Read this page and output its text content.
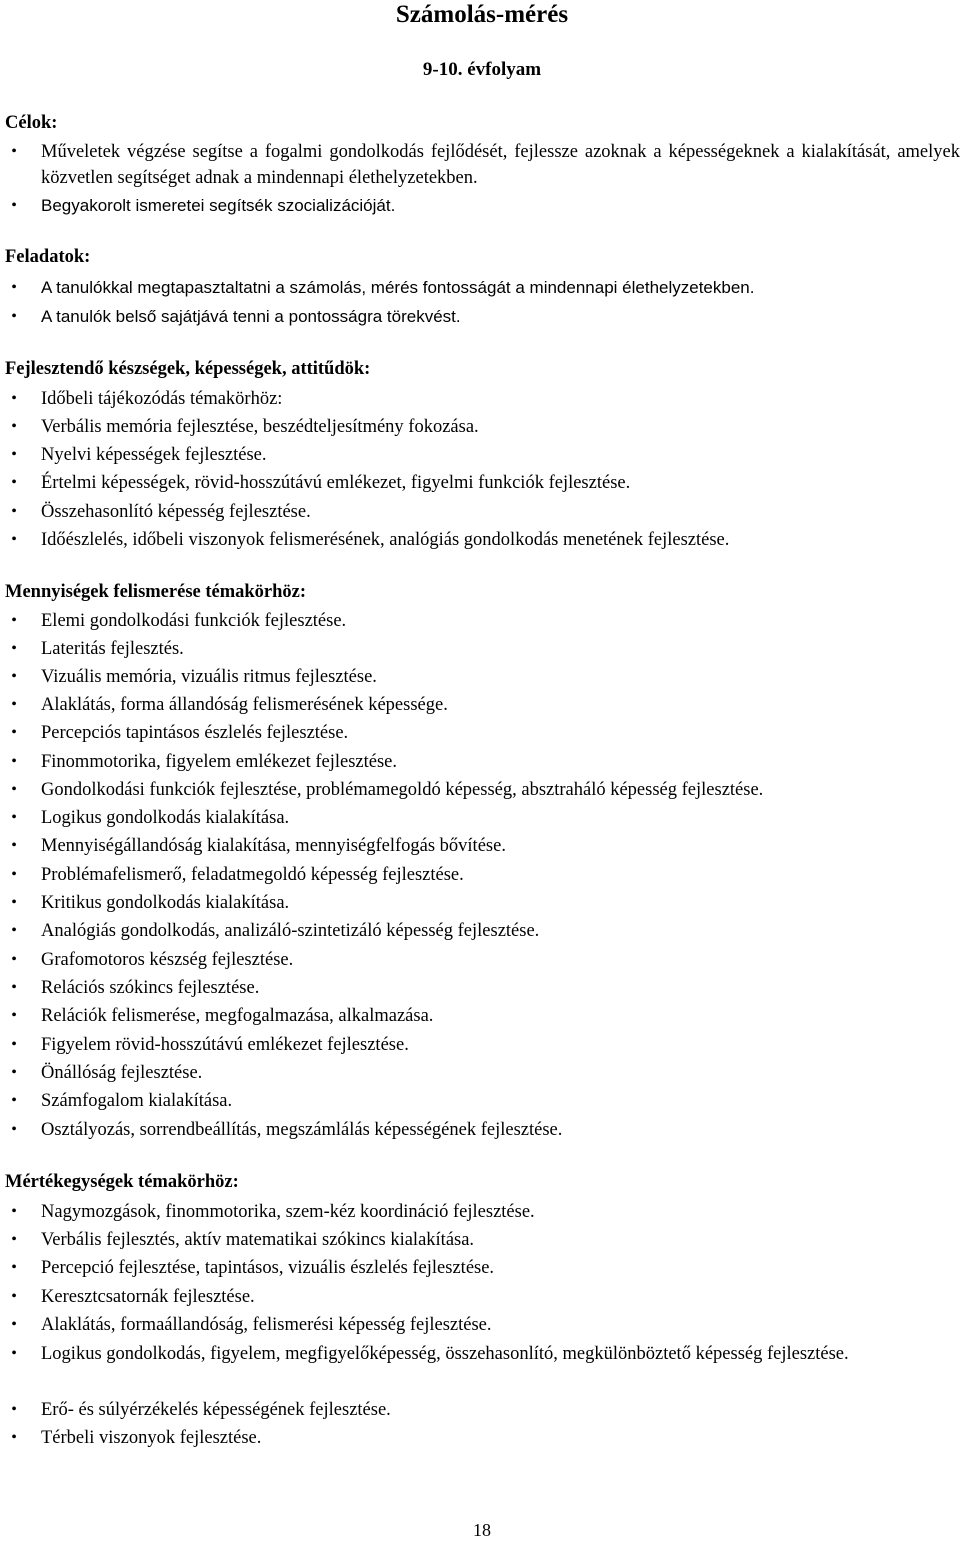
Számolás-mérés
9-10. évfolyam
Célok:
•	Műveletek végzése segítse a fogalmi gondolkodás fejlődését, fejlessze azoknak a képességeknek a kialakítását, amelyek közvetlen segítséget adnak a mindennapi élethelyzetekben.
•	Begyakorolt ismeretei segítsék szocializációját.
Feladatok:
•	A tanulókkal megtapasztaltatni a számolás, mérés fontosságát a mindennapi élethelyzetekben.
•	A tanulók belső sajátjává tenni a pontosságra törekvést.
Fejlesztendő készségek, képességek, attitűdök:
•	Időbeli tájékozódás témakörhöz:
•	Verbális memória fejlesztése, beszédteljesítmény fokozása.
•	Nyelvi képességek fejlesztése.
•	Értelmi képességek, rövid-hosszútávú emlékezet, figyelmi funkciók fejlesztése.
•	Összehasonlító képesség fejlesztése.
•	Időészlelés, időbeli viszonyok felismerésének, analógiás gondolkodás menetének fejlesztése.
Mennyiségek felismerése témakörhöz:
•	Elemi gondolkodási funkciók fejlesztése.
•	Lateritás fejlesztés.
•	Vizuális memória, vizuális ritmus fejlesztése.
•	Alaklátás, forma állandóság felismerésének képessége.
•	Percepciós tapintásos észlelés fejlesztése.
•	Finommotorika, figyelem emlékezet fejlesztése.
•	Gondolkodási funkciók fejlesztése, problémamegoldó képesség, absztraháló képesség fejlesztése.
•	Logikus gondolkodás kialakítása.
•	Mennyiségállandóság kialakítása, mennyiségfelfogás bővítése.
•	Problémafelismerő, feladatmegoldó képesség fejlesztése.
•	Kritikus gondolkodás kialakítása.
•	Analógiás gondolkodás, analizáló-szintetizáló képesség fejlesztése.
•	Grafomotoros készség fejlesztése.
•	Relációs szókincs fejlesztése.
•	Relációk felismerése, megfogalmazása, alkalmazása.
•	Figyelem rövid-hosszútávú emlékezet fejlesztése.
•	Önállóság fejlesztése.
•	Számfogalom kialakítása.
•	Osztályozás, sorrendbeállítás, megszámlálás képességének fejlesztése.
Mértékegységek témakörhöz:
•	Nagymozgások, finommotorika, szem-kéz koordináció fejlesztése.
•	Verbális fejlesztés, aktív matematikai szókincs kialakítása.
•	Percepció fejlesztése, tapintásos, vizuális észlelés fejlesztése.
•	Keresztcsatornák fejlesztése.
•	Alaklátás, formaállandóság, felismerési képesség fejlesztése.
•	Logikus gondolkodás, figyelem, megfigyelőképesség, összehasonlító, megkülönböztető képesség fejlesztése.
•	Erő- és súlyérzékelés képességének fejlesztése.
•	Térbeli viszonyok fejlesztése.
18
